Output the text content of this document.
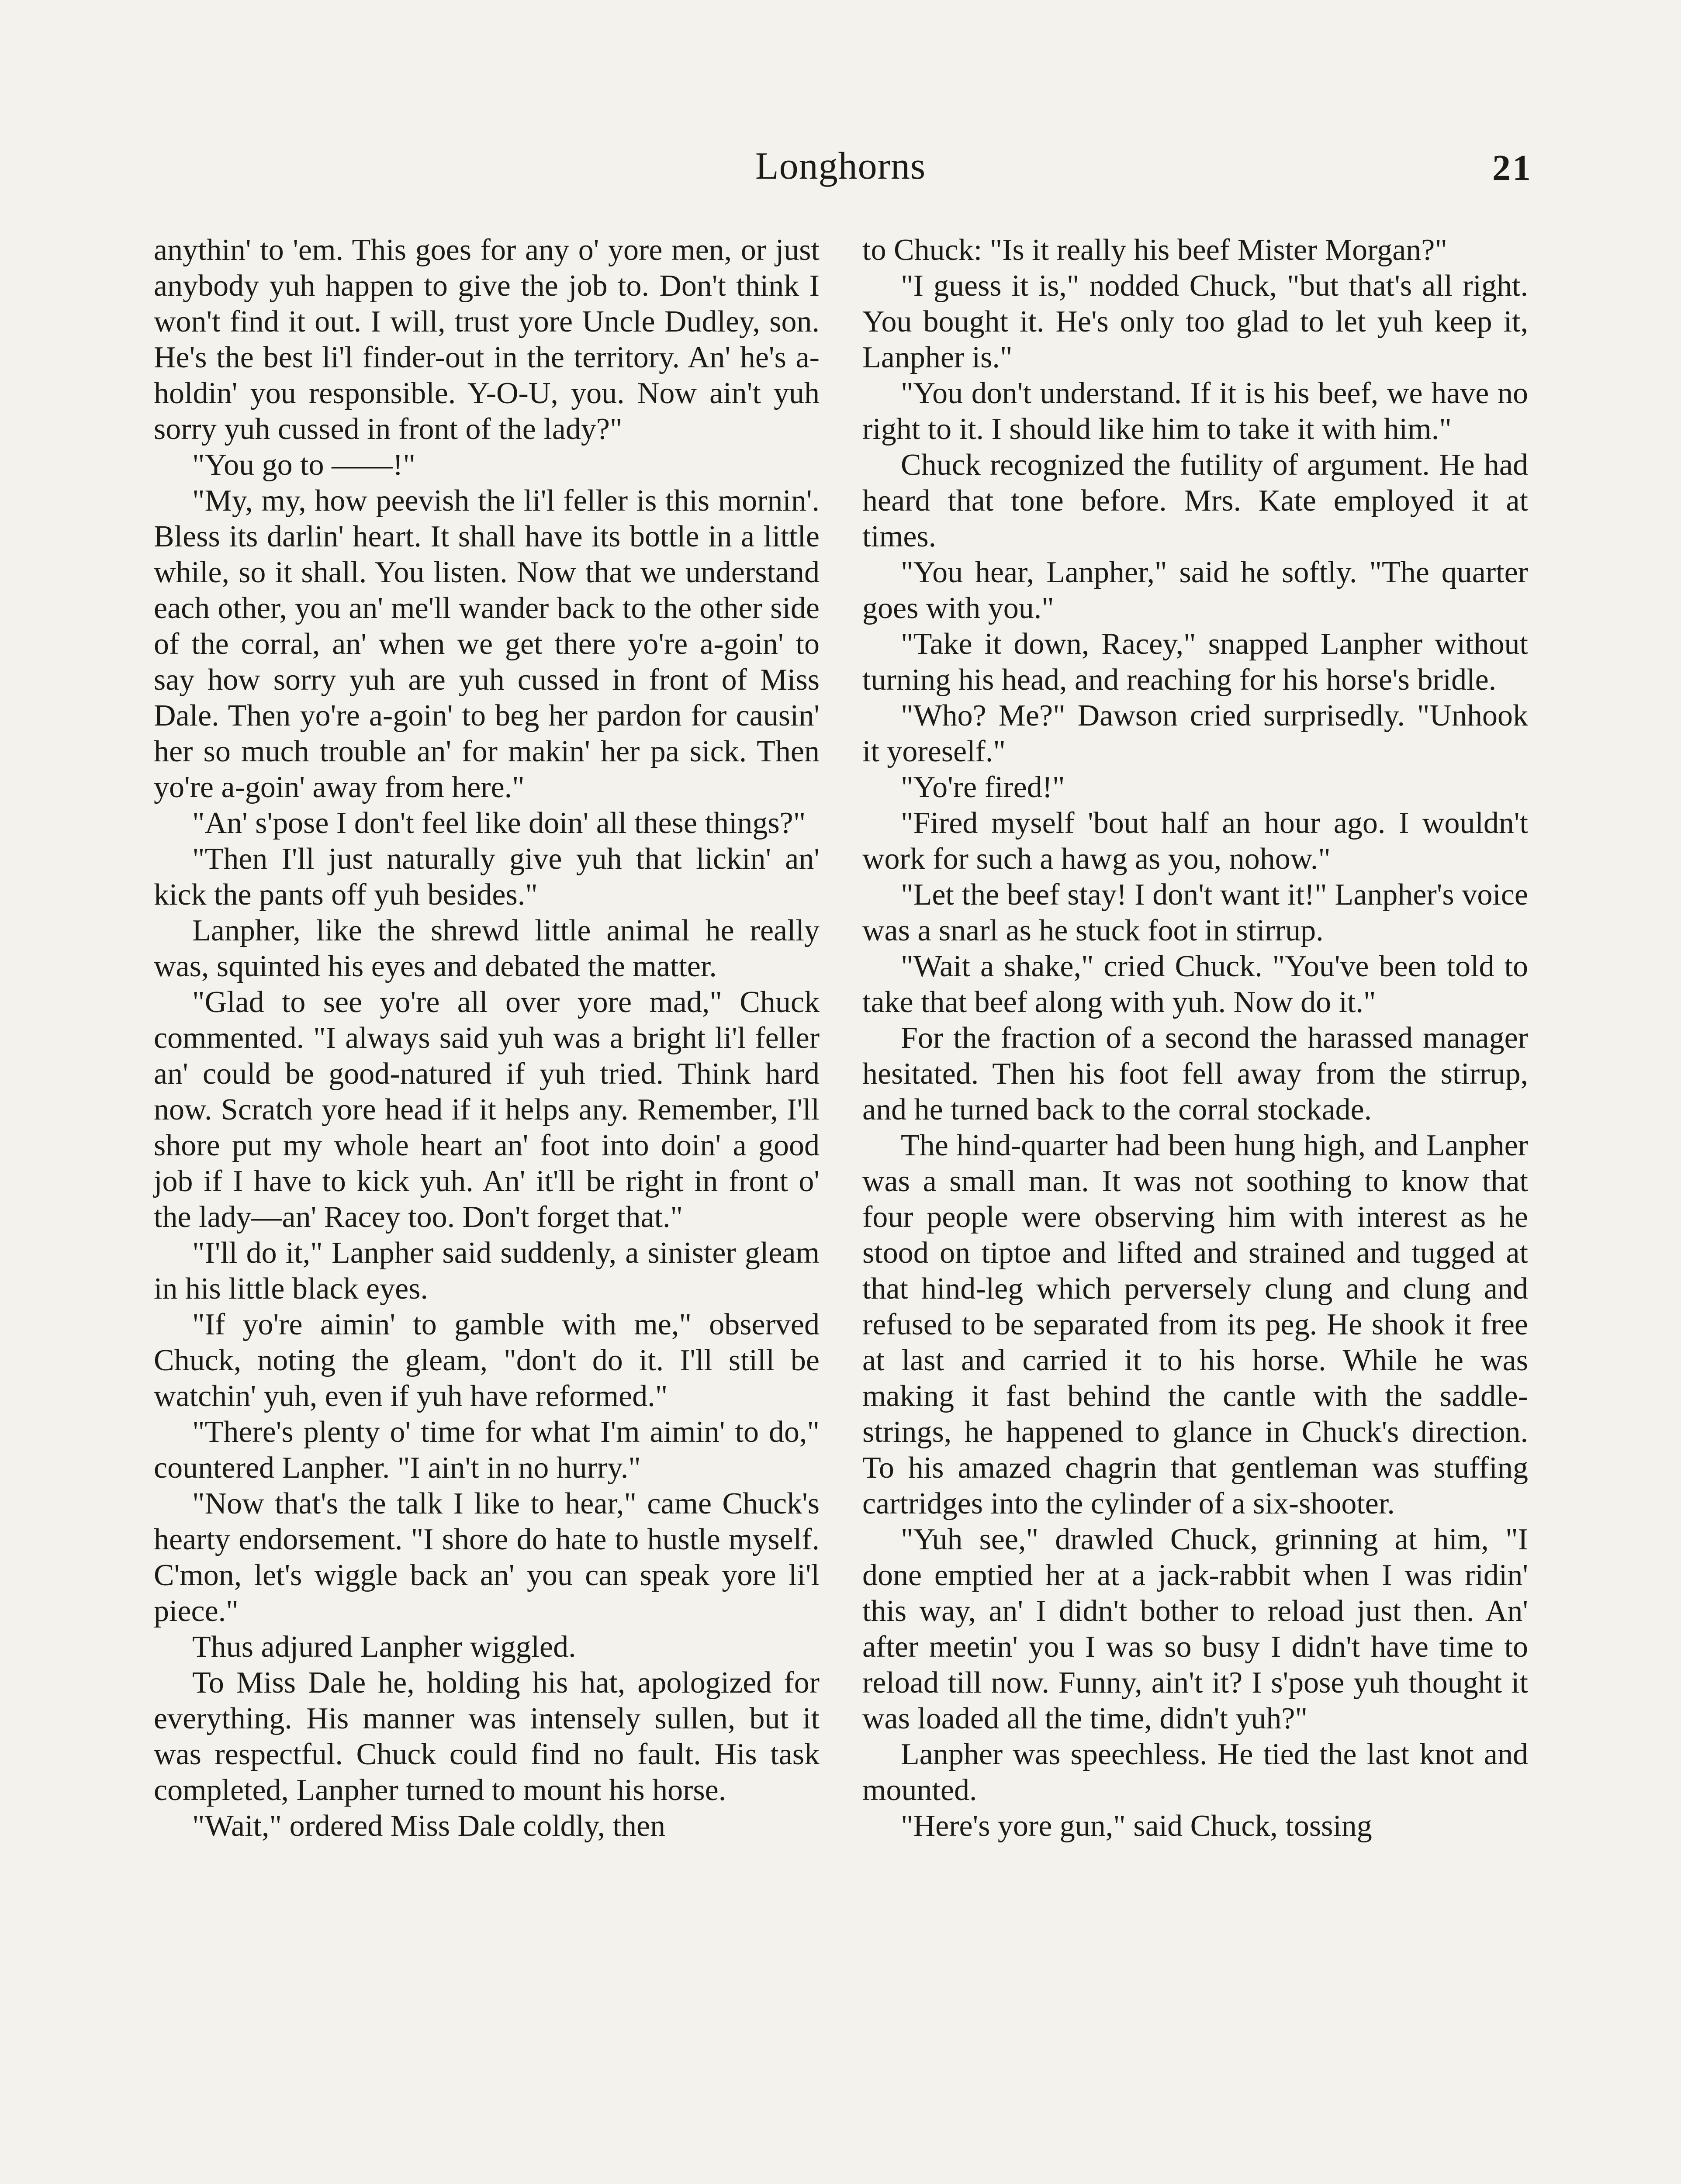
Longhorns	21

anythin' to 'em. This goes for any o' yore men, or just anybody yuh happen to give the job to. Don't think I won't find it out. I will, trust yore Uncle Dudley, son. He's the best li'l finder-out in the territory. An' he's a-holdin' you responsible. Y-O-U, you. Now ain't yuh sorry yuh cussed in front of the lady?"

"You go to ——!"

"My, my, how peevish the li'l feller is this mornin'. Bless its darlin' heart. It shall have its bottle in a little while, so it shall. You listen. Now that we understand each other, you an' me'll wander back to the other side of the corral, an' when we get there yo're a-goin' to say how sorry yuh are yuh cussed in front of Miss Dale. Then yo're a-goin' to beg her pardon for causin' her so much trouble an' for makin' her pa sick. Then yo're a-goin' away from here."

"An' s'pose I don't feel like doin' all these things?"

"Then I'll just naturally give yuh that lickin' an' kick the pants off yuh besides."

Lanpher, like the shrewd little animal he really was, squinted his eyes and debated the matter.

"Glad to see yo're all over yore mad," Chuck commented. "I always said yuh was a bright li'l feller an' could be good-natured if yuh tried. Think hard now. Scratch yore head if it helps any. Remember, I'll shore put my whole heart an' foot into doin' a good job if I have to kick yuh. An' it'll be right in front o' the lady—an' Racey too. Don't forget that."

"I'll do it," Lanpher said suddenly, a sinister gleam in his little black eyes.

"If yo're aimin' to gamble with me," observed Chuck, noting the gleam, "don't do it. I'll still be watchin' yuh, even if yuh have reformed."

"There's plenty o' time for what I'm aimin' to do," countered Lanpher. "I ain't in no hurry."

"Now that's the talk I like to hear," came Chuck's hearty endorsement. "I shore do hate to hustle myself. C'mon, let's wiggle back an' you can speak yore li'l piece."

Thus adjured Lanpher wiggled.

To Miss Dale he, holding his hat, apologized for everything. His manner was intensely sullen, but it was respectful. Chuck could find no fault. His task completed, Lanpher turned to mount his horse.

"Wait," ordered Miss Dale coldly, then

to Chuck: "Is it really his beef Mister Morgan?"

"I guess it is," nodded Chuck, "but that's all right. You bought it. He's only too glad to let yuh keep it, Lanpher is."

"You don't understand. If it is his beef, we have no right to it. I should like him to take it with him."

Chuck recognized the futility of argument. He had heard that tone before. Mrs. Kate employed it at times.

"You hear, Lanpher," said he softly. "The quarter goes with you."

"Take it down, Racey," snapped Lanpher without turning his head, and reaching for his horse's bridle.

"Who? Me?" Dawson cried surprisedly. "Unhook it yoreself."

"Yo're fired!"

"Fired myself 'bout half an hour ago. I wouldn't work for such a hawg as you, nohow."

"Let the beef stay! I don't want it!" Lanpher's voice was a snarl as he stuck foot in stirrup.

"Wait a shake," cried Chuck. "You've been told to take that beef along with yuh. Now do it."

For the fraction of a second the harassed manager hesitated. Then his foot fell away from the stirrup, and he turned back to the corral stockade.

The hind-quarter had been hung high, and Lanpher was a small man. It was not soothing to know that four people were observing him with interest as he stood on tiptoe and lifted and strained and tugged at that hind-leg which perversely clung and clung and refused to be separated from its peg. He shook it free at last and carried it to his horse. While he was making it fast behind the cantle with the saddle-strings, he happened to glance in Chuck's direction. To his amazed chagrin that gentleman was stuffing cartridges into the cylinder of a six-shooter.

"Yuh see," drawled Chuck, grinning at him, "I done emptied her at a jack-rabbit when I was ridin' this way, an' I didn't bother to reload just then. An' after meetin' you I was so busy I didn't have time to reload till now. Funny, ain't it? I s'pose yuh thought it was loaded all the time, didn't yuh?"

Lanpher was speechless. He tied the last knot and mounted.

"Here's yore gun," said Chuck, tossing
